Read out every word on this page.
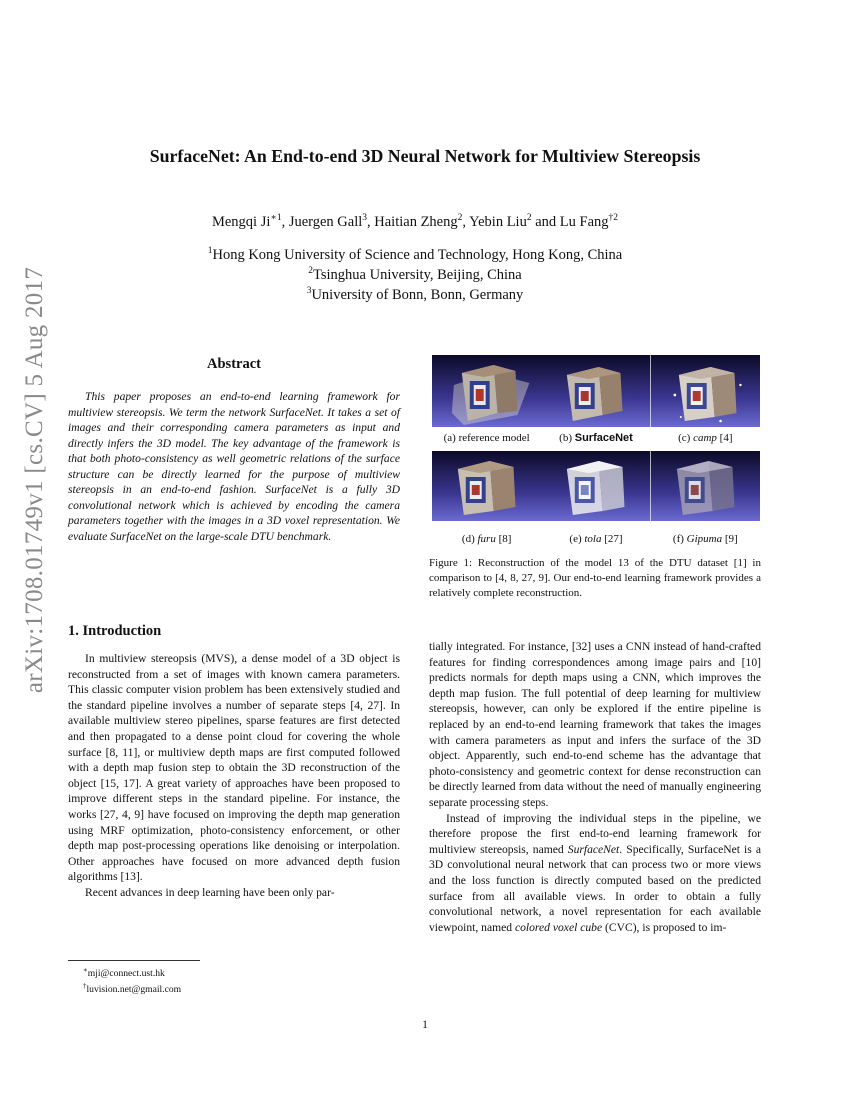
arXiv:1708.01749v1 [cs.CV] 5 Aug 2017
SurfaceNet: An End-to-end 3D Neural Network for Multiview Stereopsis
Mengqi $Ji^{∗1}$, Juergen Gall$^3$, Haitian Zheng$^2$, Yebin Liu$^2$ and Lu Fang$^{\dagger 2}$
$^1$Hong Kong University of Science and Technology, Hong Kong, China
$^2$Tsinghua University, Beijing, China
$^3$University of Bonn, Bonn, Germany
Abstract
This paper proposes an end-to-end learning framework for multiview stereopsis. We term the network SurfaceNet. It takes a set of images and their corresponding camera parameters as input and directly infers the 3D model. The key advantage of the framework is that both photo-consistency as well geometric relations of the surface structure can be directly learned for the purpose of multiview stereopsis in an end-to-end fashion. SurfaceNet is a fully 3D convolutional network which is achieved by encoding the camera parameters together with the images in a 3D voxel representation. We evaluate SurfaceNet on the large-scale DTU benchmark.
(a) reference model	(b) SurfaceNet	(c) camp [4]
(d) furu [8]	(e) tola [27]	(f) Gipuma [9]
Figure 1: Reconstruction of the model 13 of the DTU dataset [1] in comparison to [4, 8, 27, 9]. Our end-to-end learning framework provides a relatively complete reconstruction.
1. Introduction

In multiview stereopsis (MVS), a dense model of a 3D object is reconstructed from a set of images with known camera parameters. This classic computer vision problem has been extensively studied and the standard pipeline involves a number of separate steps [4, 27]. In available multiview stereo pipelines, sparse features are first detected and then propagated to a dense point cloud for covering the whole surface [8, 11], or multiview depth maps are first computed followed with a depth map fusion step to obtain the 3D reconstruction of the object [15, 17]. A great variety of approaches have been proposed to improve different steps in the standard pipeline. For instance, the works [27, 4, 9] have focused on improving the depth map generation using MRF optimization, photo-consistency enforcement, or other depth map post-processing operations like denoising or interpolation. Other approaches have focused on more advanced depth fusion algorithms [13].

Recent advances in deep learning have been only par-

tially integrated. For instance, [32] uses a CNN instead of hand-crafted features for finding correspondences among image pairs and [10] predicts normals for depth maps using a CNN, which improves the depth map fusion. The full potential of deep learning for multiview stereopsis, however, can only be explored if the entire pipeline is replaced by an end-to-end learning framework that takes the images with camera parameters as input and infers the surface of the 3D object. Apparently, such end-to-end scheme has the advantage that photo-consistency and geometric context for dense reconstruction can be directly learned from data without the need of manually engineering separate processing steps.

Instead of improving the individual steps in the pipeline, we therefore propose the first end-to-end learning framework for multiview stereopsis, named SurfaceNet. Specifically, SurfaceNet is a 3D convolutional neural network that can process two or more views and the loss function is directly computed based on the predicted surface from all available views. In order to obtain a fully convolutional network, a novel representation for each available viewpoint, named colored voxel cube (CVC), is proposed to im-

∗mji@connect.ust.hk
†luvision.net@gmail.com
1
